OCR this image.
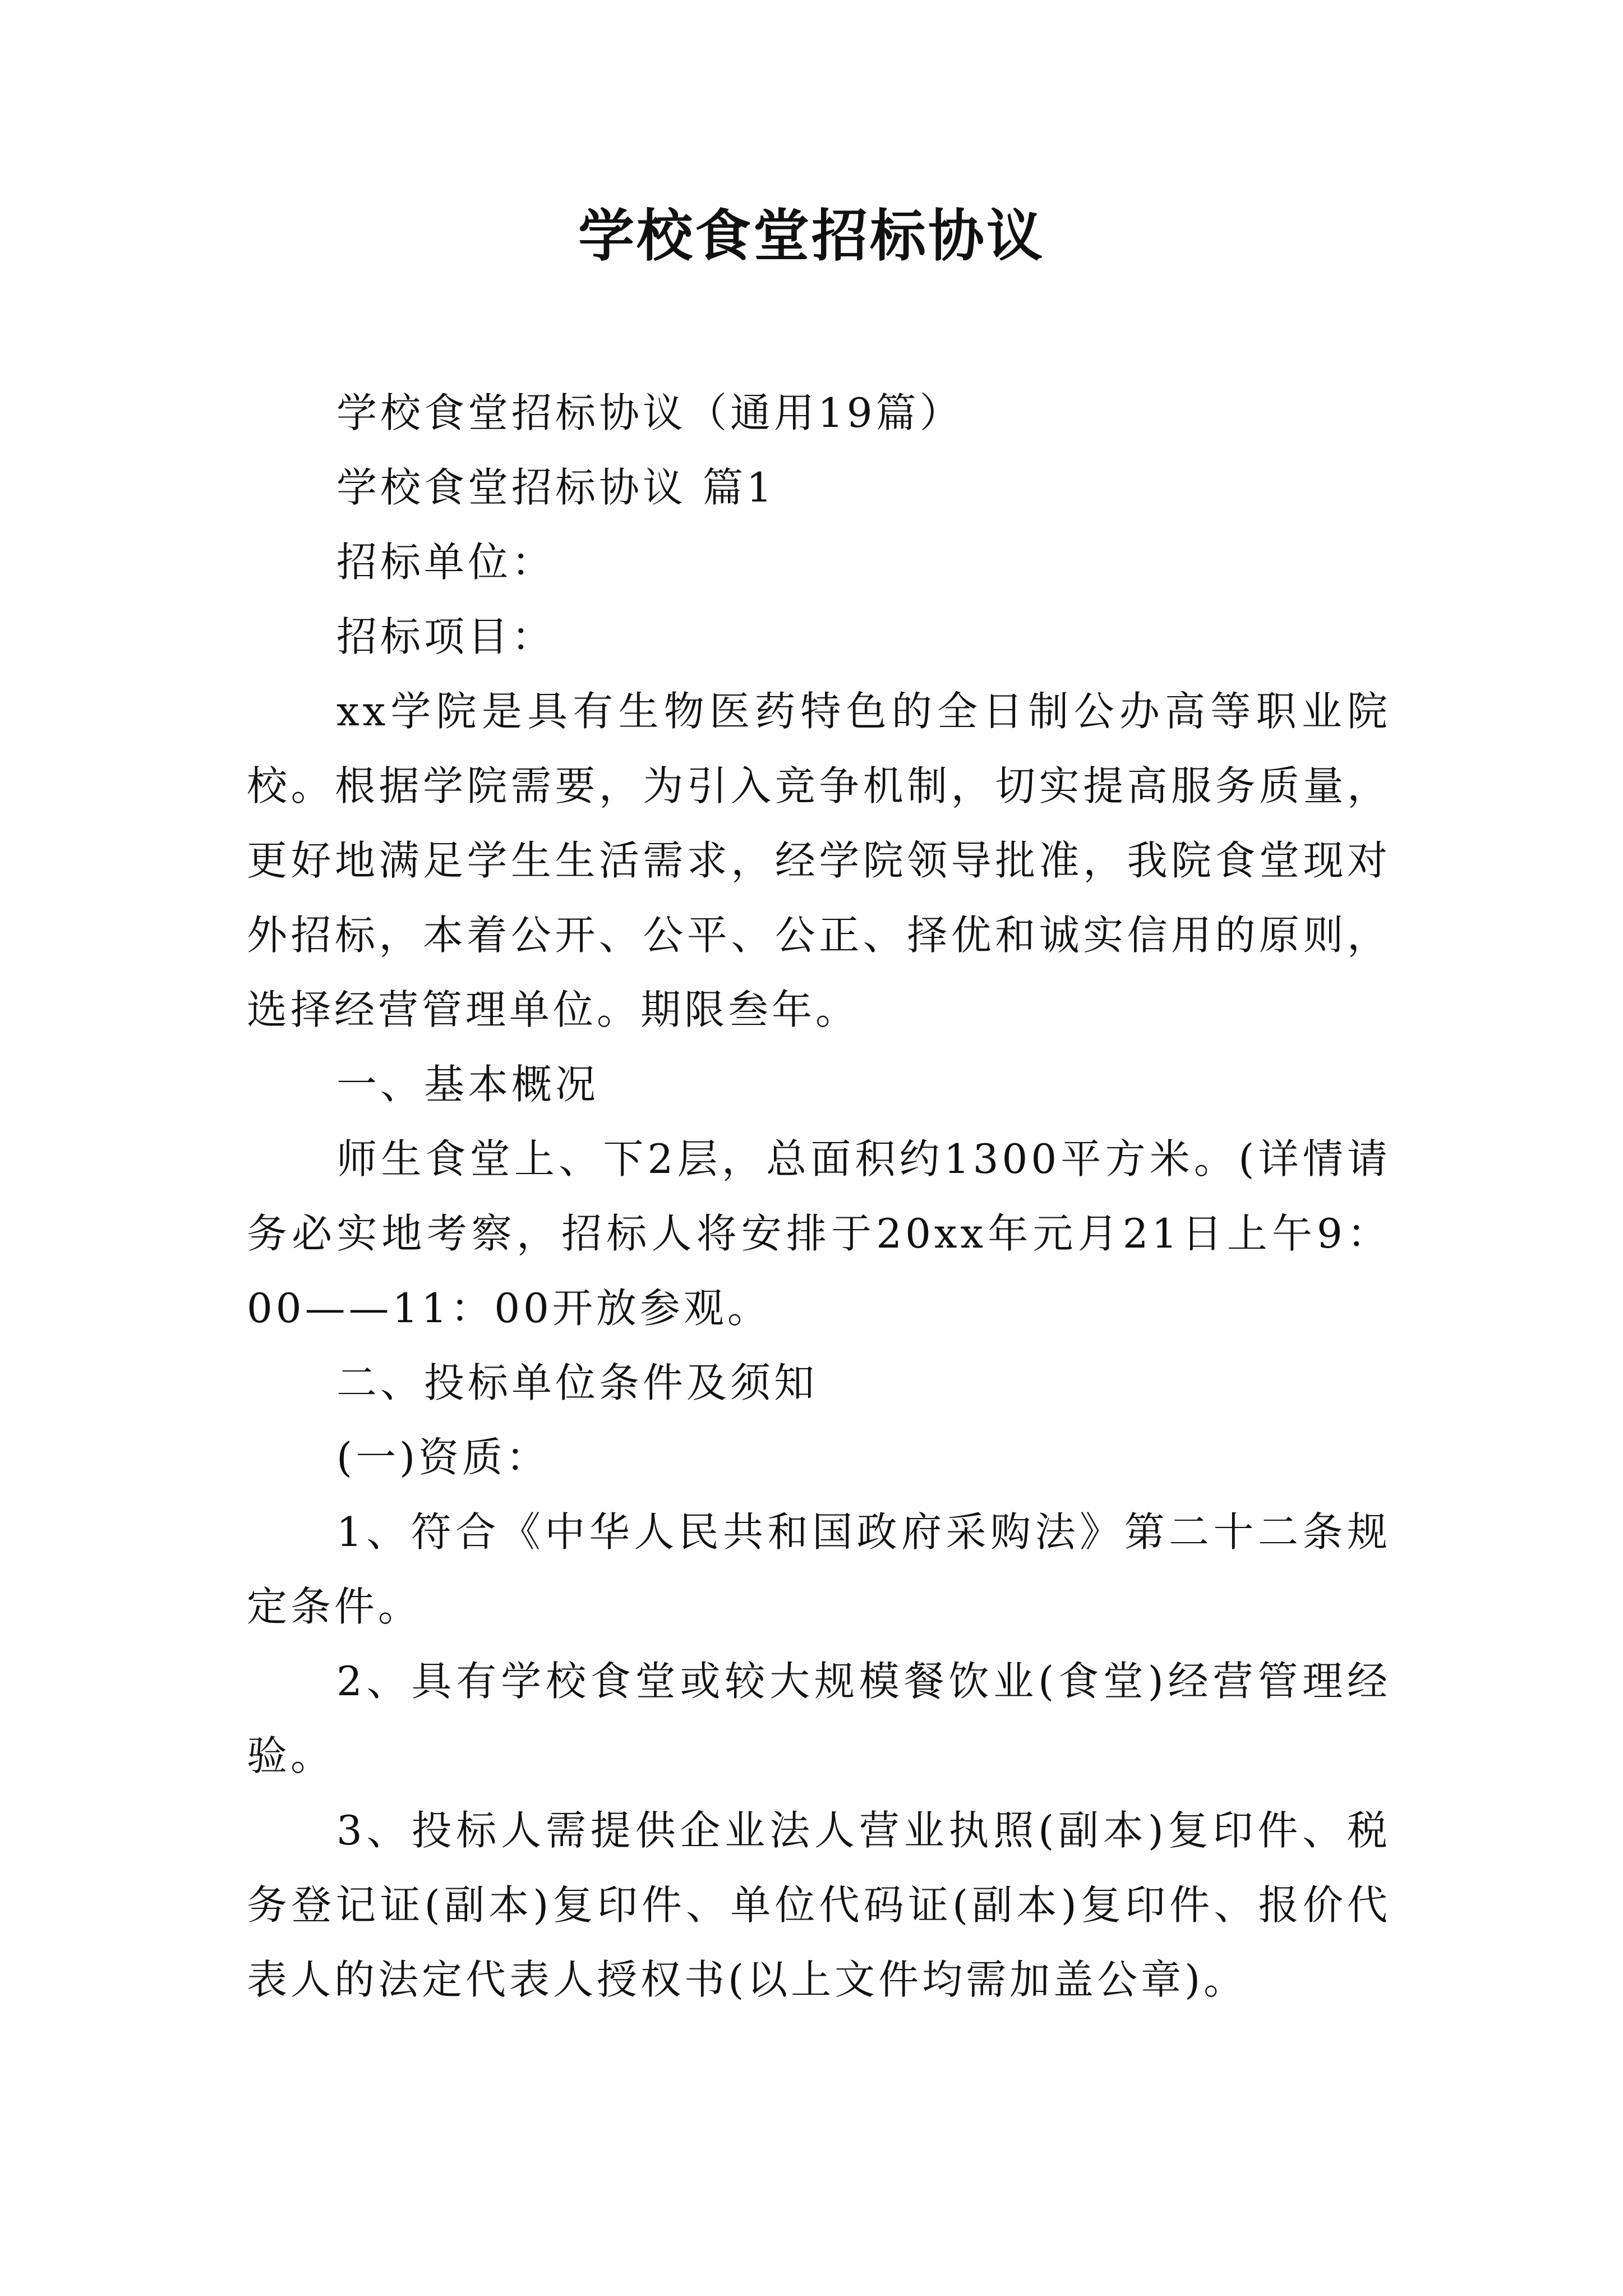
学校食堂招标协议

学校食堂招标协议（通用19篇）

学校食堂招标协议 篇1

招标单位：

招标项目：

xx学院是具有生物医药特色的全日制公办高等职业院校。根据学院需要，为引入竞争机制，切实提高服务质量，更好地满足学生生活需求，经学院领导批准，我院食堂现对外招标，本着公开、公平、公正、择优和诚实信用的原则，选择经营管理单位。期限叁年。

一、基本概况

师生食堂上、下2层，总面积约1300平方米。(详情请务必实地考察，招标人将安排于20xx年元月21日上午9：00——11：00开放参观。

二、投标单位条件及须知

(一)资质：

1、符合《中华人民共和国政府采购法》第二十二条规定条件。

2、具有学校食堂或较大规模餐饮业(食堂)经营管理经验。

3、投标人需提供企业法人营业执照(副本)复印件、税务登记证(副本)复印件、单位代码证(副本)复印件、报价代表人的法定代表人授权书(以上文件均需加盖公章)。
